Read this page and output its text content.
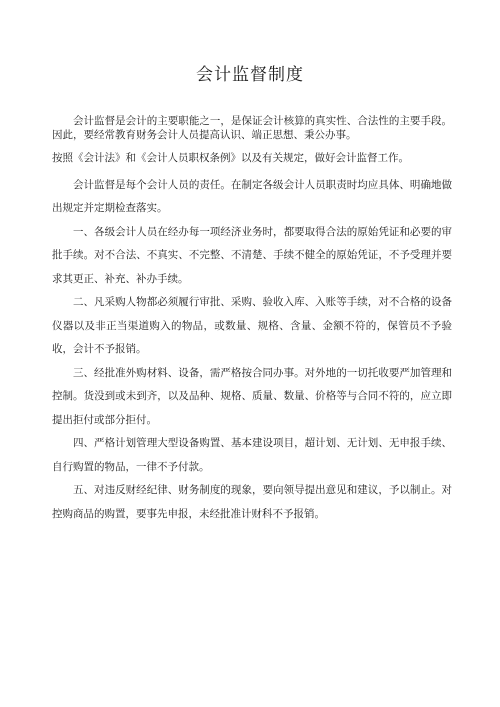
会计监督制度

会计监督是会计的主要职能之一，是保证会计核算的真实性、合法性的主要手段。因此，要经常教育财务会计人员提高认识、端正思想、秉公办事。

按照《会计法》和《会计人员职权条例》以及有关规定，做好会计监督工作。

会计监督是每个会计人员的责任。在制定各级会计人员职责时均应具体、明确地做出规定并定期检查落实。

一、各级会计人员在经办每一项经济业务时，都要取得合法的原始凭证和必要的审批手续。对不合法、不真实、不完整、不清楚、手续不健全的原始凭证，不予受理并要求其更正、补充、补办手续。

二、凡采购人物都必须履行审批、采购、验收入库、入账等手续，对不合格的设备仪器以及非正当渠道购入的物品，或数量、规格、含量、金额不符的，保管员不予验收，会计不予报销。

三、经批准外购材料、设备，需严格按合同办事。对外地的一切托收要严加管理和控制。货没到或未到齐，以及品种、规格、质量、数量、价格等与合同不符的，应立即提出拒付或部分拒付。

四、严格计划管理大型设备购置、基本建设项目，超计划、无计划、无申报手续、自行购置的物品，一律不予付款。

五、对违反财经纪律、财务制度的现象，要向领导提出意见和建议，予以制止。对控购商品的购置，要事先申报，未经批准计财科不予报销。
